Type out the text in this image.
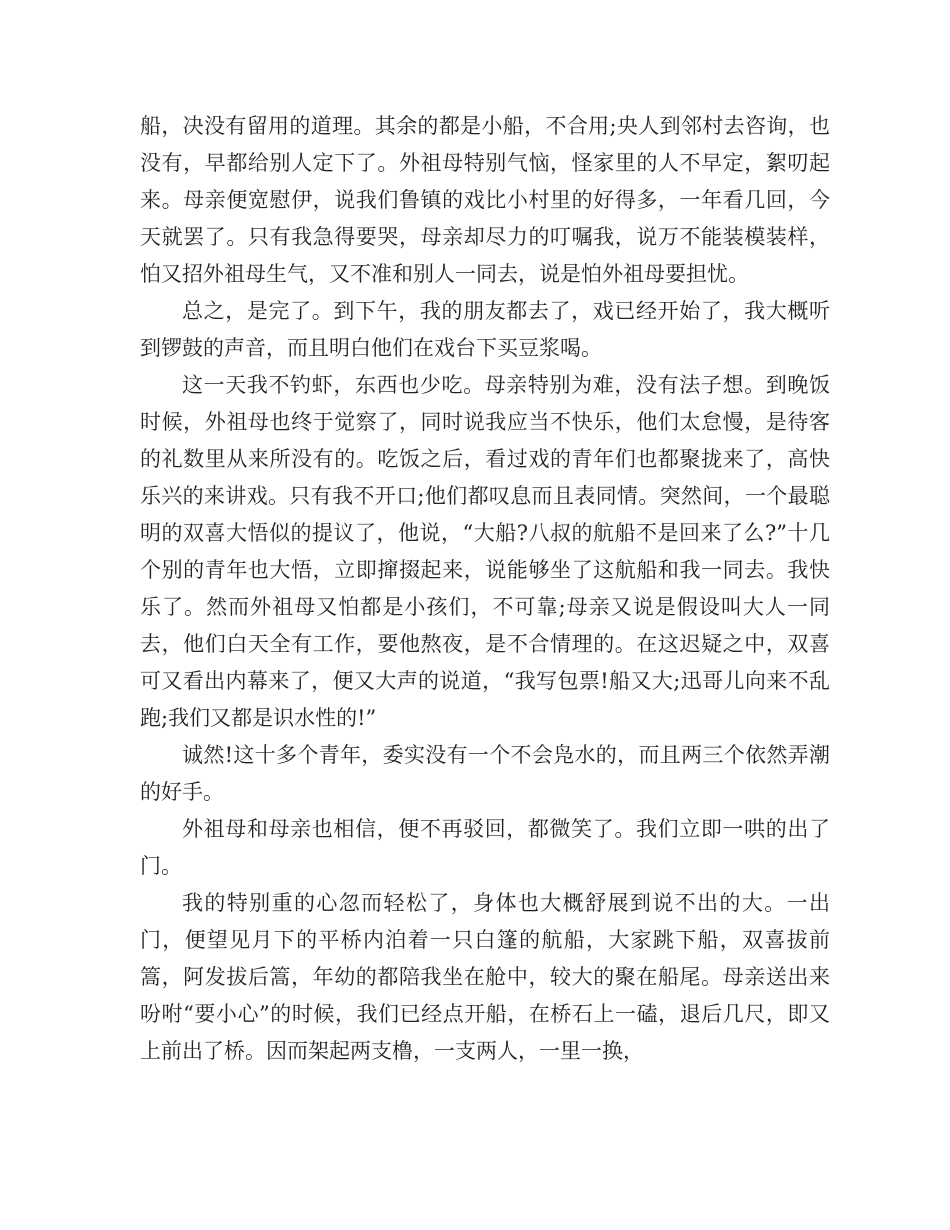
船，决没有留用的道理。其余的都是小船，不合用;央人到邻村去咨询，也没有，早都给别人定下了。外祖母特别气恼，怪家里的人不早定，絮叨起来。母亲便宽慰伊，说我们鲁镇的戏比小村里的好得多，一年看几回，今天就罢了。只有我急得要哭，母亲却尽力的叮嘱我，说万不能装模装样，怕又招外祖母生气，又不准和别人一同去，说是怕外祖母要担忧。

总之，是完了。到下午，我的朋友都去了，戏已经开始了，我大概听到锣鼓的声音，而且明白他们在戏台下买豆浆喝。

这一天我不钓虾，东西也少吃。母亲特别为难，没有法子想。到晚饭时候，外祖母也终于觉察了，同时说我应当不快乐，他们太怠慢，是待客的礼数里从来所没有的。吃饭之后，看过戏的青年们也都聚拢来了，高快乐兴的来讲戏。只有我不开口;他们都叹息而且表同情。突然间，一个最聪明的双喜大悟似的提议了，他说，“大船?八叔的航船不是回来了么?”十几个别的青年也大悟，立即撺掇起来，说能够坐了这航船和我一同去。我快乐了。然而外祖母又怕都是小孩们，不可靠;母亲又说是假设叫大人一同去，他们白天全有工作，要他熬夜，是不合情理的。在这迟疑之中，双喜可又看出内幕来了，便又大声的说道，“我写包票!船又大;迅哥儿向来不乱跑;我们又都是识水性的!”

诚然!这十多个青年，委实没有一个不会凫水的，而且两三个依然弄潮的好手。

外祖母和母亲也相信，便不再驳回，都微笑了。我们立即一哄的出了门。

我的特别重的心忽而轻松了，身体也大概舒展到说不出的大。一出门，便望见月下的平桥内泊着一只白篷的航船，大家跳下船，双喜拔前篙，阿发拔后篙，年幼的都陪我坐在舱中，较大的聚在船尾。母亲送出来吩咐“要小心”的时候，我们已经点开船，在桥石上一磕，退后几尺，即又上前出了桥。因而架起两支橹，一支两人，一里一换，
